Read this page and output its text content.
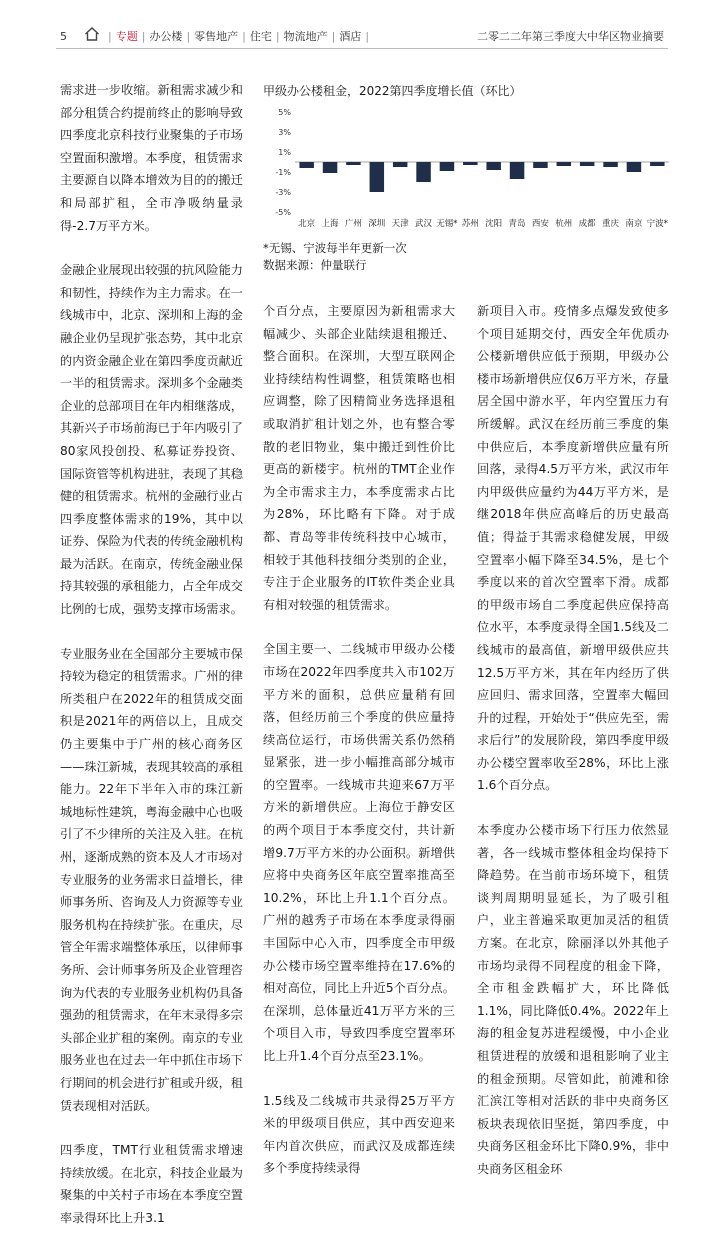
5	| 专题 | 办公楼 | 零售地产 | 住宅 | 物流地产 | 酒店 |	二零二二年第三季度大中华区物业摘要

需求进一步收缩。新租需求减少和部分租赁合约提前终止的影响导致四季度北京科技行业聚集的子市场空置面积激增。本季度，租赁需求主要源自以降本增效为目的的搬迁和局部扩租，全市净吸纳量录得-2.7万平方米。

金融企业展现出较强的抗风险能力和韧性，持续作为主力需求。在一线城市中，北京、深圳和上海的金融企业仍呈现扩张态势，其中北京的内资金融企业在第四季度贡献近一半的租赁需求。深圳多个金融类企业的总部项目在年内相继落成，其新兴子市场前海已于年内吸引了80家风投创投、私募证券投资、国际资管等机构进驻，表现了其稳健的租赁需求。杭州的金融行业占四季度整体需求的19%，其中以证券、保险为代表的传统金融机构最为活跃。在南京，传统金融业保持其较强的承租能力，占全年成交比例的七成，强势支撑市场需求。

专业服务业在全国部分主要城市保持较为稳定的租赁需求。广州的律所类租户在2022年的租赁成交面积是2021年的两倍以上，且成交仍主要集中于广州的核心商务区——珠江新城，表现其较高的承租能力。22年下半年入市的珠江新城地标性建筑，粤海金融中心也吸引了不少律所的关注及入驻。在杭州，逐渐成熟的资本及人才市场对专业服务的业务需求日益增长，律师事务所、咨询及人力资源等专业服务机构在持续扩张。在重庆，尽管全年需求端整体承压，以律师事务所、会计师事务所及企业管理咨询为代表的专业服务业机构仍具备强劲的租赁需求，在年末录得多宗头部企业扩租的案例。南京的专业服务业也在过去一年中抓住市场下行期间的机会进行扩租或升级，租赁表现相对活跃。

四季度，TMT行业租赁需求增速持续放缓。在北京，科技企业最为聚集的中关村子市场在本季度空置率录得环比上升3.1

甲级办公楼租金，2022第四季度增长值（环比）
5%
3%
1%
-1%
-3%
-5%
北京 上海 广州 深圳 天津 武汉 无锡* 苏州 沈阳 青岛 西安 杭州 成都 重庆 南京 宁波*
*无锡、宁波每半年更新一次
数据来源：仲量联行

个百分点，主要原因为新租需求大幅减少、头部企业陆续退租搬迁、整合面积。在深圳，大型互联网企业持续结构性调整，租赁策略也相应调整，除了因精简业务选择退租或取消扩租计划之外，也有整合零散的老旧物业，集中搬迁到性价比更高的新楼宇。杭州的TMT企业作为全市需求主力，本季度需求占比为28%，环比略有下降。对于成都、青岛等非传统科技中心城市，相较于其他科技细分类别的企业，专注于企业服务的IT软件类企业具有相对较强的租赁需求。

全国主要一、二线城市甲级办公楼市场在2022年四季度共入市102万平方米的面积，总供应量稍有回落，但经历前三个季度的供应量持续高位运行，市场供需关系仍然稍显紧张，进一步小幅推高部分城市的空置率。一线城市共迎来67万平方米的新增供应。上海位于静安区的两个项目于本季度交付，共计新增9.7万平方米的办公面积。新增供应将中央商务区年底空置率推高至10.2%，环比上升1.1个百分点。广州的越秀子市场在本季度录得丽丰国际中心入市，四季度全市甲级办公楼市场空置率维持在17.6%的相对高位，同比上升近5个百分点。在深圳，总体量近41万平方米的三个项目入市，导致四季度空置率环比上升1.4个百分点至23.1%。

1.5线及二线城市共录得25万平方米的甲级项目供应，其中西安迎来年内首次供应，而武汉及成都连续多个季度持续录得

新项目入市。疫情多点爆发致使多个项目延期交付，西安全年优质办公楼新增供应低于预期，甲级办公楼市场新增供应仅6万平方米，存量居全国中游水平，年内空置压力有所缓解。武汉在经历前三季度的集中供应后，本季度新增供应量有所回落，录得4.5万平方米，武汉市年内甲级供应量约为44万平方米，是继2018年供应高峰后的历史最高值；得益于其需求稳健发展，甲级空置率小幅下降至34.5%，是七个季度以来的首次空置率下滑。成都的甲级市场自二季度起供应保持高位水平，本季度录得全国1.5线及二线城市的最高值，新增甲级供应共12.5万平方米，其在年内经历了供应回归、需求回落，空置率大幅回升的过程，开始处于“供应先至，需求后行”的发展阶段，第四季度甲级办公楼空置率收至28%，环比上涨1.6个百分点。

本季度办公楼市场下行压力依然显著，各一线城市整体租金均保持下降趋势。在当前市场环境下，租赁谈判周期明显延长，为了吸引租户，业主普遍采取更加灵活的租赁方案。在北京，除丽泽以外其他子市场均录得不同程度的租金下降，全市租金跌幅扩大，环比降低1.1%，同比降低0.4%。2022年上海的租金复苏进程缓慢，中小企业租赁进程的放缓和退租影响了业主的租金预期。尽管如此，前滩和徐汇滨江等相对活跃的非中央商务区板块表现依旧坚挺，第四季度，中央商务区租金环比下降0.9%，非中央商务区租金环
